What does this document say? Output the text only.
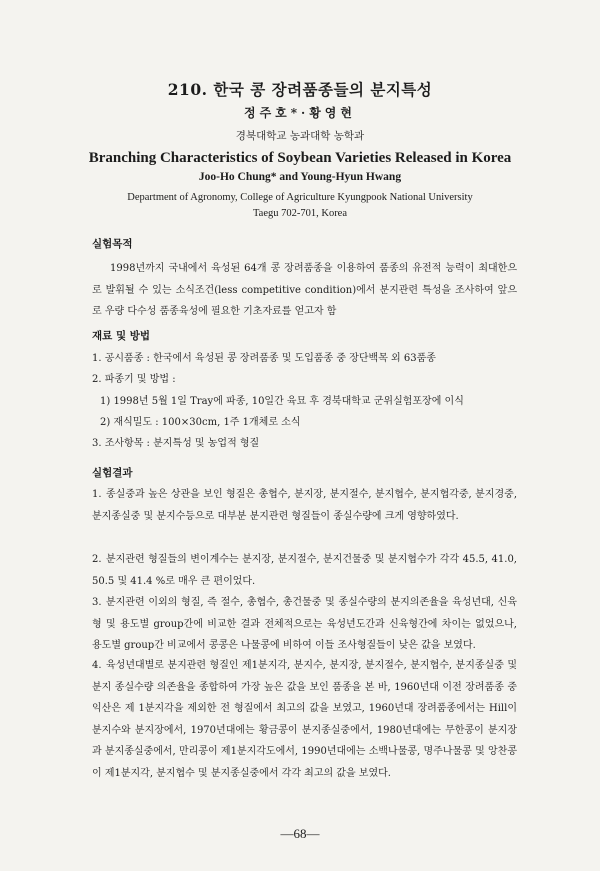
210. 한국 콩 장려품종들의 분지특성
정주호*·황영현
경북대학교 농과대학 농학과
Branching Characteristics of Soybean Varieties Released in Korea
Joo-Ho Chung* and Young-Hyun Hwang
Department of Agronomy, College of Agriculture Kyungpook National University
Taegu 702-701, Korea
실험목적

1998년까지 국내에서 육성된 64개 콩 장려품종을 이용하여 품종의 유전적 능력이 최대한으로 발휘될 수 있는 소식조건(less competitive condition)에서 분지관련 특성을 조사하여 앞으로 우량 다수성 품종육성에 필요한 기초자료를 얻고자 함

재료 및 방법
1. 공시품종 : 한국에서 육성된 콩 장려품종 및 도입품종 중 장단백목 외 63품종
2. 파종기 및 방법 :
1) 1998년 5월 1일 Tray에 파종, 10일간 육묘 후 경북대학교 군위실험포장에 이식
2) 재식밀도 : 100×30cm, 1주 1개체로 소식
3. 조사항목 : 분지특성 및 농업적 형질
실험결과
1. 종실중과 높은 상관을 보인 형질은 총협수, 분지장, 분지절수, 분지협수, 분지협각중, 분지경중, 분지종실중 및 분지수등으로 대부분 분지관련 형질들이 종실수량에 크게 영향하였다.
2. 분지관련 형질들의 변이계수는 분지장, 분지절수, 분지건물중 및 분지협수가 각각 45.5, 41.0, 50.5 및 41.4 %로 매우 큰 편이었다.
3. 분지관련 이외의 형질, 즉 절수, 총협수, 총건물중 및 종실수량의 분지의존율을 육성년대, 신육형 및 용도별 group간에 비교한 결과 전체적으로는 육성년도간과 신육형간에 차이는 없었으나, 용도별 group간 비교에서 콩콩은 나물콩에 비하여 이들 조사형질들이 낮은 값을 보였다.
4. 육성년대별로 분지관련 형질인 제1분지각, 분지수, 분지장, 분지절수, 분지협수, 분지종실중 및 분지 종실수량 의존율을 종합하여 가장 높은 값을 보인 품종을 본 바, 1960년대 이전 장려품종 중 익산은 제 1분지각을 제외한 전 형질에서 최고의 값을 보였고, 1960년대 장려품종에서는 Hill이 분지수와 분지장에서, 1970년대에는 황금콩이 분지종실중에서, 1980년대에는 무한콩이 분지장과 분지종실중에서, 만리콩이 제1분지각도에서, 1990년대에는 소백나물콩, 명주나물콩 및 앙찬콩이 제1분지각, 분지협수 및 분지종실중에서 각각 최고의 값을 보였다.
—68—
